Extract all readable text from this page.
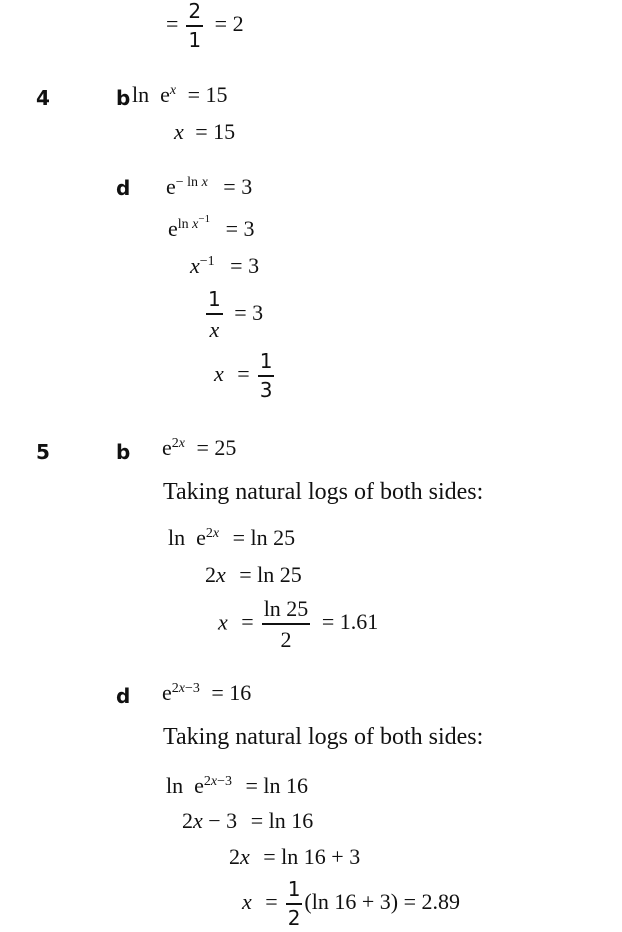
= $\frac{2}{1} = 2$
4	b $\ln e^x = 15$
x = 15
d $e^{- ln x} = 3$
$e^{ln x^{-1}} = 3$
$x^{-1} = 3$
$\frac{1}{x} = 3$
$x = \frac{1}{3}$
5	b $e^{2x} = 25$
Taking natural logs of both sides:
$\ln e^{2x} = \ln 25$
2x = ln 25
$x = \frac{\ln 25}{2} = 1.61$
d $e^{2x-3} = 16$
Taking natural logs of both sides:
$\ln e^{2x-3} = \ln 16$
2x − 3 = ln 16
2x = ln 16 + 3
$x = \frac{1}{2} (\ln$ 16 + 3) = 2.89
